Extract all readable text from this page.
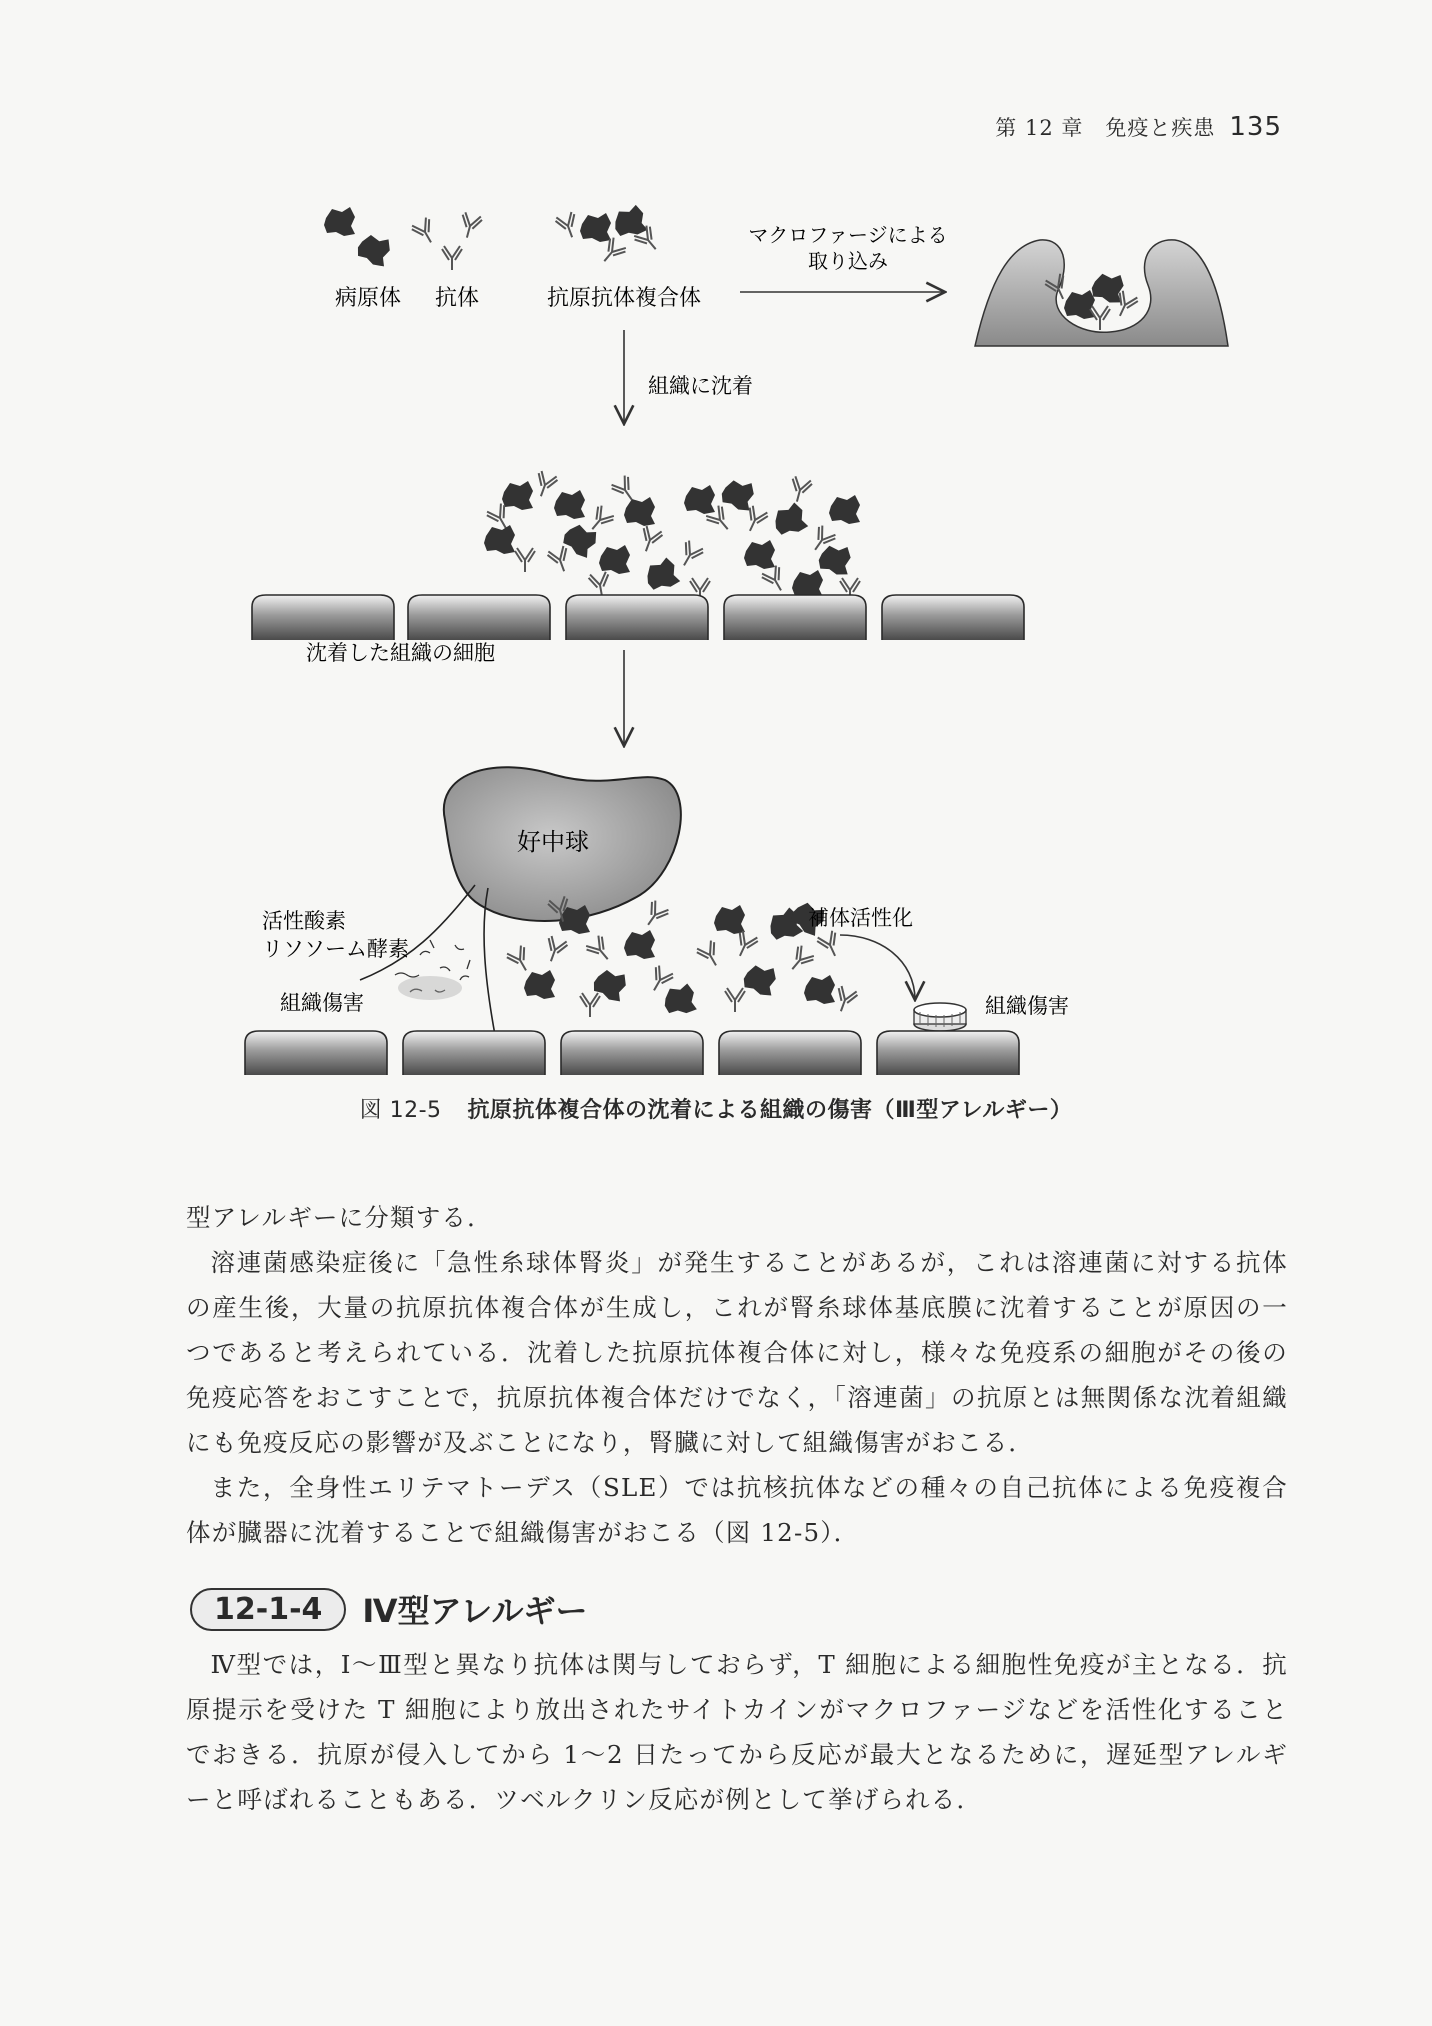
第 12 章　免疫と疾患 135
病原体 抗体	抗原抗体複合体
マクロファージによる
取り込み
組織に沈着
沈着した組織の細胞
好中球
活性酸素
リソソーム酵素
組織傷害
補体活性化
組織傷害
図 12-5 抗原抗体複合体の沈着による組織の傷害（Ⅲ型アレルギー）

型アレルギーに分類する．

溶連菌感染症後に「急性糸球体腎炎」が発生することがあるが，これは溶連菌に対する抗体の産生後，大量の抗原抗体複合体が生成し，これが腎糸球体基底膜に沈着することが原因の一つであると考えられている．沈着した抗原抗体複合体に対し，様々な免疫系の細胞がその後の免疫応答をおこすことで，抗原抗体複合体だけでなく，「溶連菌」の抗原とは無関係な沈着組織にも免疫反応の影響が及ぶことになり，腎臓に対して組織傷害がおこる．

また，全身性エリテマトーデス（SLE）では抗核抗体などの種々の自己抗体による免疫複合体が臓器に沈着することで組織傷害がおこる（図 12-5）．

12-1-4	Ⅳ型アレルギー

Ⅳ型では，Ⅰ～Ⅲ型と異なり抗体は関与しておらず，T 細胞による細胞性免疫が主となる．抗原提示を受けた T 細胞により放出されたサイトカインがマクロファージなどを活性化することでおきる．抗原が侵入してから 1～2 日たってから反応が最大となるために，遅延型アレルギーと呼ばれることもある．ツベルクリン反応が例として挙げられる．
